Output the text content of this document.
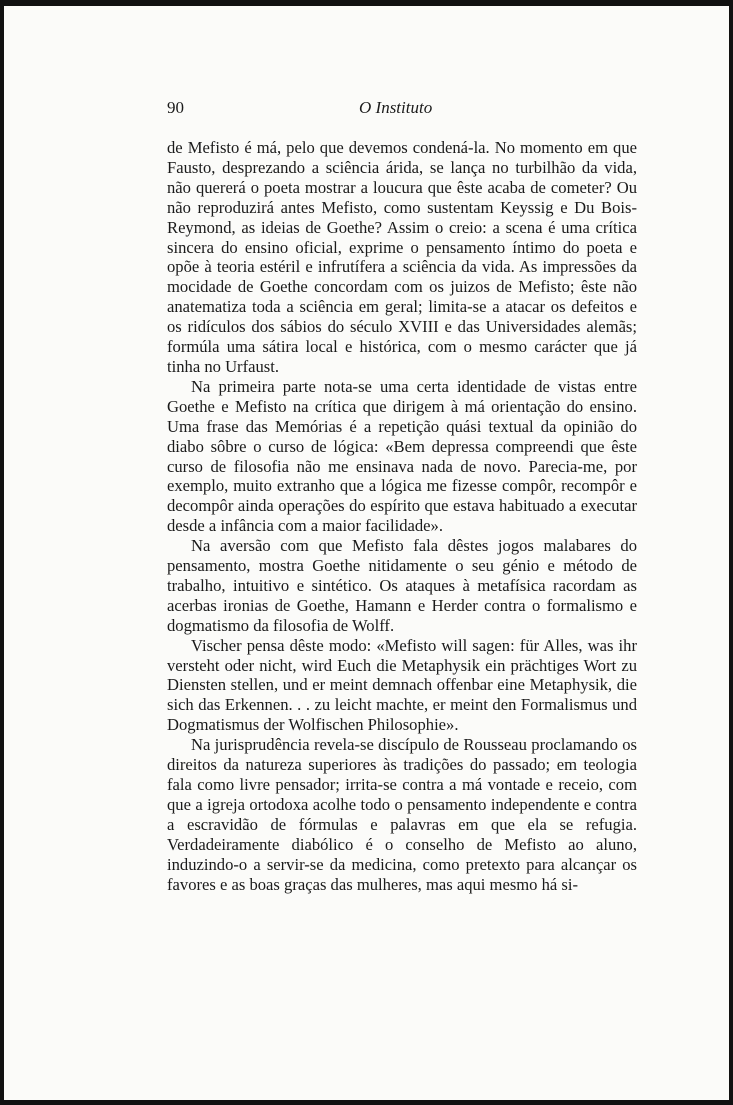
90	O Instituto

de Mefisto é má, pelo que devemos condená-la. No momento em que Fausto, desprezando a sciência árida, se lança no turbilhão da vida, não quererá o poeta mostrar a loucura que êste acaba de cometer? Ou não reproduzirá antes Mefisto, como sustentam Keyssig e Du Bois-Reymond, as ideias de Goethe? Assim o creio: a scena é uma crítica sincera do ensino oficial, exprime o pensamento íntimo do poeta e opõe à teoria estéril e infrutífera a sciência da vida. As impressões da mocidade de Goethe concordam com os juizos de Mefisto; êste não anatematiza toda a sciência em geral; limita-se a atacar os defeitos e os ridículos dos sábios do século XVIII e das Universidades alemãs; formúla uma sátira local e histórica, com o mesmo carácter que já tinha no Urfaust.

Na primeira parte nota-se uma certa identidade de vistas entre Goethe e Mefisto na crítica que dirigem à má orientação do ensino. Uma frase das Memórias é a repetição quási textual da opinião do diabo sôbre o curso de lógica: «Bem depressa compreendi que êste curso de filosofia não me ensinava nada de novo. Parecia-me, por exemplo, muito extranho que a lógica me fizesse compôr, recompôr e decompôr ainda operações do espírito que estava habituado a executar desde a infância com a maior facilidade».

Na aversão com que Mefisto fala dêstes jogos malabares do pensamento, mostra Goethe nitidamente o seu génio e método de trabalho, intuitivo e sintético. Os ataques à metafísica racordam as acerbas ironias de Goethe, Hamann e Herder contra o formalismo e dogmatismo da filosofia de Wolff.

Vischer pensa dêste modo: «Mefisto will sagen: für Alles, was ihr versteht oder nicht, wird Euch die Metaphysik ein prächtiges Wort zu Diensten stellen, und er meint demnach offenbar eine Metaphysik, die sich das Erkennen. . . zu leicht machte, er meint den Formalismus und Dogmatismus der Wolfischen Philosophie».

Na jurisprudência revela-se discípulo de Rousseau proclamando os direitos da natureza superiores às tradições do passado; em teologia fala como livre pensador; irrita-se contra a má vontade e receio, com que a igreja ortodoxa acolhe todo o pensamento independente e contra a escravidão de fórmulas e palavras em que ela se refugia. Verdadeiramente diabólico é o conselho de Mefisto ao aluno, induzindo-o a servir-se da medicina, como pretexto para alcançar os favores e as boas graças das mulheres, mas aqui mesmo há si-
